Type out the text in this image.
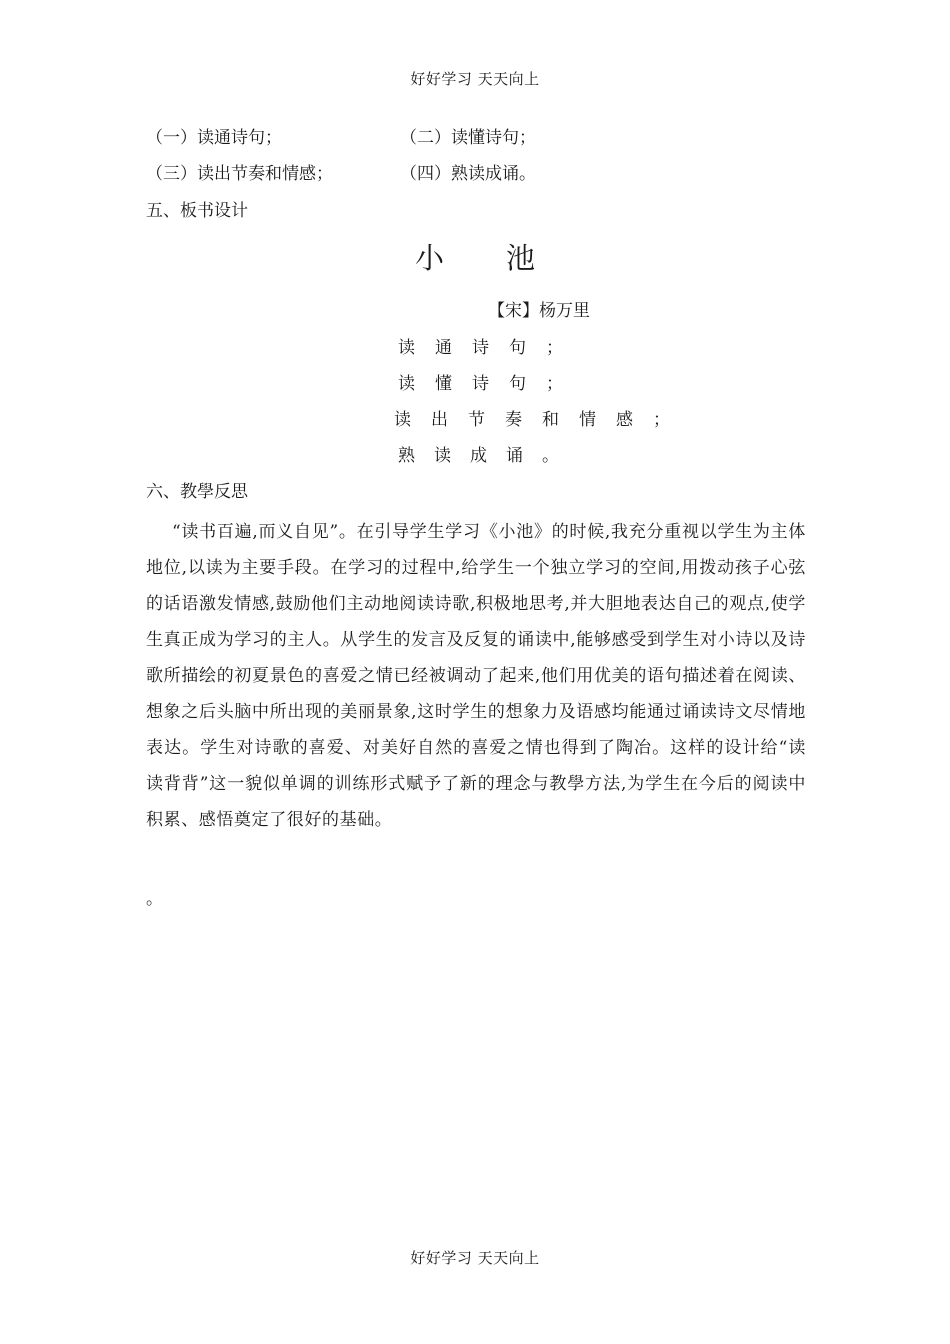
好好学习 天天向上
（一）读通诗句；	（二）读懂诗句；
（三）读出节奏和情感；	（四）熟读成诵。
五、板书设计
小池
【宋】杨万里
读通诗句；
读懂诗句；
读出节奏和情感；
熟读成诵。
六、教學反思
“读书百遍,而义自见”。在引导学生学习《小池》的时候,我充分重视以学生为主体地位,以读为主要手段。在学习的过程中,给学生一个独立学习的空间,用拨动孩子心弦的话语激发情感,鼓励他们主动地阅读诗歌,积极地思考,并大胆地表达自己的观点,使学生真正成为学习的主人。从学生的发言及反复的诵读中,能够感受到学生对小诗以及诗歌所描绘的初夏景色的喜爱之情已经被调动了起来,他们用优美的语句描述着在阅读、想象之后头脑中所出现的美丽景象,这时学生的想象力及语感均能通过诵读诗文尽情地表达。学生对诗歌的喜爱、对美好自然的喜爱之情也得到了陶冶。这样的设计给“读读背背”这一貌似单调的训练形式赋予了新的理念与教學方法,为学生在今后的阅读中积累、感悟奠定了很好的基础。
。
好好学习 天天向上
